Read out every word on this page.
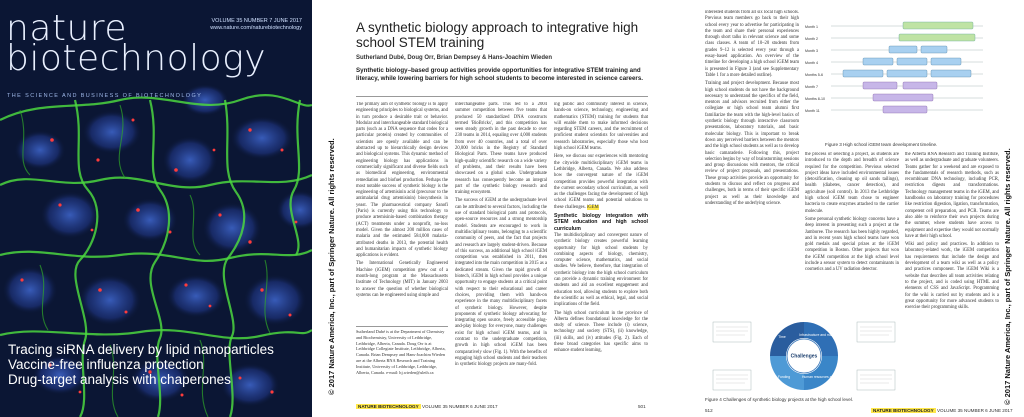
nature
biotechnology
VOLUME 35 NUMBER 7 JUNE 2017
www.nature.com/naturebiotechnology
THE SCIENCE AND BUSINESS OF BIOTECHNOLOGY
Tracing siRNA delivery by lipid nanoparticles
Vaccine-free influenza protection
Drug-target analysis with chaperones	© 2017 Nature America, Inc., part of Springer Nature. All rights reserved.
A synthetic biology approach to integrative high school STEM training
Sutherland Dubé, Doug Orr, Brian Dempsey & Hans-Joachim Wieden
Synthetic biology–based group activities provide opportunities for integrative STEM training and literacy, while lowering barriers for high school students to become interested in science careers.

The primary aim of synthetic biology is to apply engineering principles to biological systems, and in turn produce a desirable trait or behavior. Modular and interchangeable standard biological parts (such as a DNA sequence that codes for a particular protein) created by communities of scientists are openly available and can be abstracted up to hierarchically design devices and biological systems. This dynamic method of engineering biology has applications in commercially significant and diverse fields such as biomedical engineering, environmental remediation and biofuel production. Perhaps the most notable success of synthetic biology is the engineering of artemisinin acid (precursor to the antimalarial drug artemisinin) biosynthesis in yeast. The pharmaceutical company Sanofi (Paris) is currently using this technology to produce artemisinin-based combination therapy (ACT) treatments under a nonprofit, no-loss model. Given the almost 200 million cases of malaria and the estimated 584,000 malaria-attributed deaths in 2013, the potential health and humanitarian impacts of synthetic biology applications is evident.

The International Genetically Engineered Machine (iGEM) competition grew out of a month-long program at the Massachusetts Institute of Technology (MIT) in January 2003 to answer the question of whether biological systems can be engineered using simple and

Sutherland Dubé is at the Department of Chemistry and Biochemistry, University of Lethbridge, Lethbridge, Alberta, Canada. Doug Orr is at Lethbridge Collegiate Institute, Lethbridge, Alberta, Canada. Brian Dempsey and Hans-Joachim Wieden are at the Alberta RNA Research and Training Institute, University of Lethbridge, Lethbridge, Alberta, Canada. e-mail: hj.wieden@uleth.ca

interchangeable parts. This led to a 2004 summer competition between five teams that produced 50 standardized DNA constructs termed 'BioBricks', and this competition has seen steady growth in the past decade to over 230 teams in 2014, equaling over 4,000 students from over 40 countries, and a total of over 20,000 bricks in the Registry of Standard Biological Parts. These teams have produced high-quality scientific research on a wide variety of problems, and their results have been showcased on a global scale. Undergraduate research has consequently become an integral part of the synthetic biology research and training ecosystem.

The success of iGEM at the undergraduate level can be attributed to several factors, including the use of standard biological parts and protocols, open-source resources and a strong mentorship model. Students are encouraged to work in multidisciplinary teams, belonging to a scientific community of peers, and the fact that projects and research are largely student-driven. Because of this success, an additional high school iGEM competition was established in 2011, then integrated into the main competition in 2015 as a dedicated stream. Given the rapid growth of biotech, iGEM in high school provides a unique opportunity to engage students at a critical point with respect to their educational and career choices, providing them with hands-on experience in the many multidisciplinary facets of synthetic biology. However, despite proponents of synthetic biology advocating for integrating open source, freely accessible plug-and-play biology for everyone, many challenges exist for high school iGEM teams, and in contrast to the undergraduate competition, growth in high school iGEM has been comparatively slow (Fig. 1). With the benefits of engaging high school students and their teachers in synthetic biology projects are many-fold.

ing public and community interest in science, hands-on science, technology, engineering and mathematics (STEM) training for students that will enable them to make informed decisions regarding STEM careers, and the recruitment of proficient student scientists for universities and research laboratories, especially those who host high school iGEM teams.

Here, we discuss our experiences with mentoring the citywide multidisciplinary iGEM teams in Lethbridge, Alberta, Canada. We also address how the convergent nature of the iGEM competition provides powerful integration with the current secondary school curriculum, as well as the challenges facing the development of high school iGEM teams and potential solutions to these challenges. iGEM

Synthetic biology integration with STEM education and high school curriculum

The multidisciplinary and convergent nature of synthetic biology creates powerful learning opportunity for high school students by combining aspects of biology, chemistry, computer science, mathematics, and social studies. We believe, therefore, that integration of synthetic biology into the high school curriculum can provide a dynamic training environment for students and aid an excellent engagement and education tool, allowing students to explore both the scientific as well as ethical, legal, and social implications of the field.

The high school curriculum in the province of Alberta defines foundational knowledge for the study of science. These include (i) science, technology and society (STS), (ii) knowledge, (iii) skills, and (iv) attitudes (Fig. 2). Each of these broad categories has specific aims to enhance student learning,

NATURE BIOTECHNOLOGY VOLUME 35 NUMBER 6 JUNE 2017	501
© 2017 Nature America, Inc., part of Springer Nature. All rights reserved.

interested students from all six local high schools. Previous team members go back to their high school every year to advertise for participating in the team and share their personal experiences through short talks in relevant science and some class classes. A team of 10–20 students from grades 9–12 is selected every year through a essay-based application. An overview of the timeline for developing a high school iGEM team is presented in Figure 3 (and see Supplementary Table 1 for a more detailed outline).

Training and project development. Because most high school students do not have the background necessary to understand the specifics of the field, mentors and advisors recruited from either the collegiate or high school team alumni first familiarize the team with the high-level basics of synthetic biology through interactive classroom presentations, laboratory tutorials, and basic molecular biology. This is important to break down any perceived barriers between the mentors and the high school students as well as to develop basic camaraderie. Following this, project selection begins by way of brainstorming sessions and group discussions with mentors, the critical review of project proposals, and presentations. These group activities provide an opportunity for students to discuss and reflect on progress and challenges, both in terms of their specific iGEM project as well as their knowledge and understanding of the underlying science.

Month 1
Month 2
Month 3
Month 4
Months 5-6
Month 7
Months 8-10
Month 11
Figure 3 High school iGEM team development timeline.

the process of selecting a project, as students are introduced to the depth and breadth of science required for the competition. Previous selected project ideas have included environmental issues (detoxification, cleaning up oil sands tailings), health (diabetes, cancer detection), and agriculture (soil control). In 2013 the Lethbridge high school iGEM team chose to engineer bacteria to create enzymes attached to the carrier molecule.

Some personal synthetic biology concerns have a deep interest in presenting such a project at the Jamboree. The research has been highly regarded, and in recent years high school teams have won gold medals and special prizes at the iGEM competition in Boston. Other projects that won the iGEM competition at the high school level include a sensor system to detect contaminants in cosmetics and a UV radiation detector.

the Alberta RNA Research and Training Institute, as well as undergraduate and graduate volunteers. Teams gather for a weekend and are exposed to the fundamentals of research methods, such as recombinant DNA technology, including PCR, restriction digests and transformations. Technology management teams in the iGEM, and handbooks on laboratory training for procedures like restriction digestion, ligation, transformation, competent cell preparation, and PCR. Teams are also able to reinforce their own projects during the summer, where students have access to equipment and expertise they would not normally have at their high school.

Wiki and policy and practices. In addition to laboratory-related work, the iGEM competition has requirements that include the design and development of a team wiki as well as a policy and practices component. The iGEM Wiki is a website that describes all team activities relating to the project, and is coded using HTML and elements of CSS and JavaScript. Programming for the wiki is carried out by students and is a great opportunity for more advanced students to exercise their programming skills.

Challenges
Infrastructure and materials
Human resources and expertise
Funding
Time
Figure 4 Challenges of synthetic biology projects at the high school level.
512	NATURE BIOTECHNOLOGY VOLUME 35 NUMBER 6 JUNE 2017
